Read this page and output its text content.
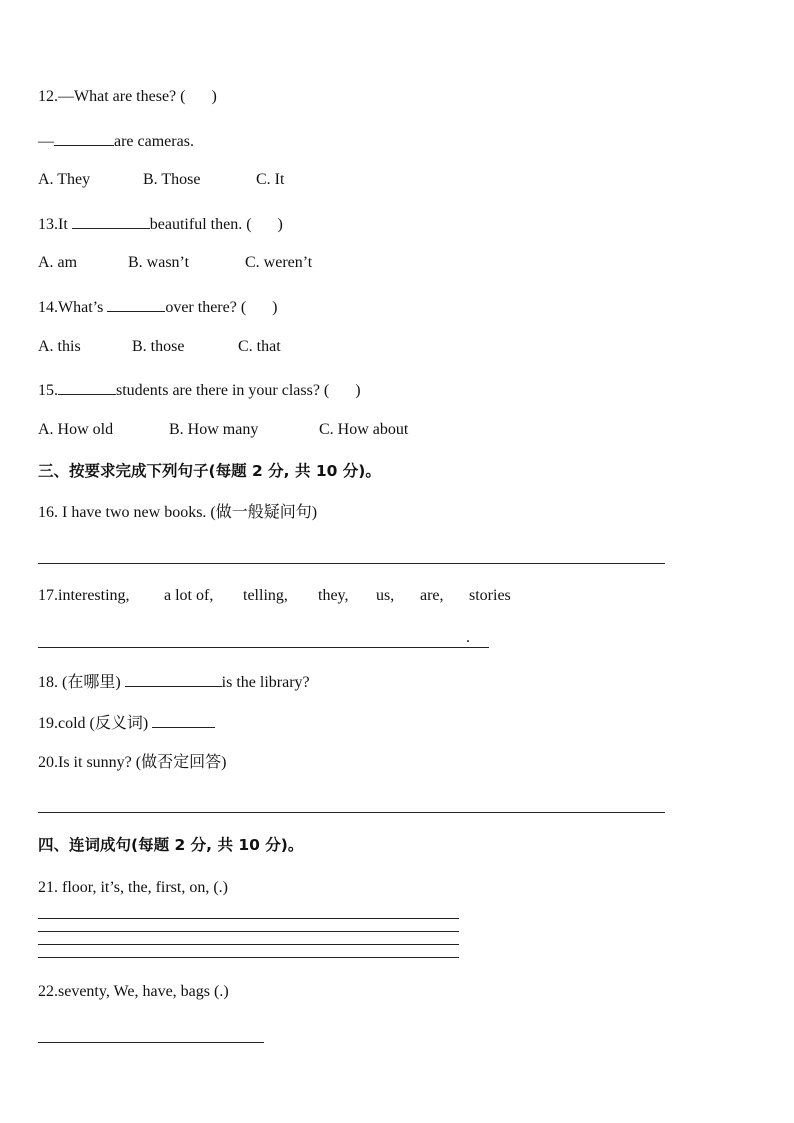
12.—What are these? ( )
—	are cameras.
A. They	B. Those	C. It
13.It	beautiful then. ( )
A. am	B. wasn’t	C. weren’t
14.What’s	over there? ( )
A. this	B. those	C. that
15.	students are there in your class? ( )
A. How old	B. How many	C. How about
三、按要求完成下列句子(每题 2 分, 共 10 分)。
16. I have two new books. (做一般疑问句)
17.interesting, a lot of, telling, they, us, are, stories
.
18. (在哪里)	is the library?
19.cold (反义词)
20.Is it sunny? (做否定回答)
四、连词成句(每题 2 分, 共 10 分)。
21. floor, it’s, the, first, on, (.)
22.seventy, We, have, bags (.)
